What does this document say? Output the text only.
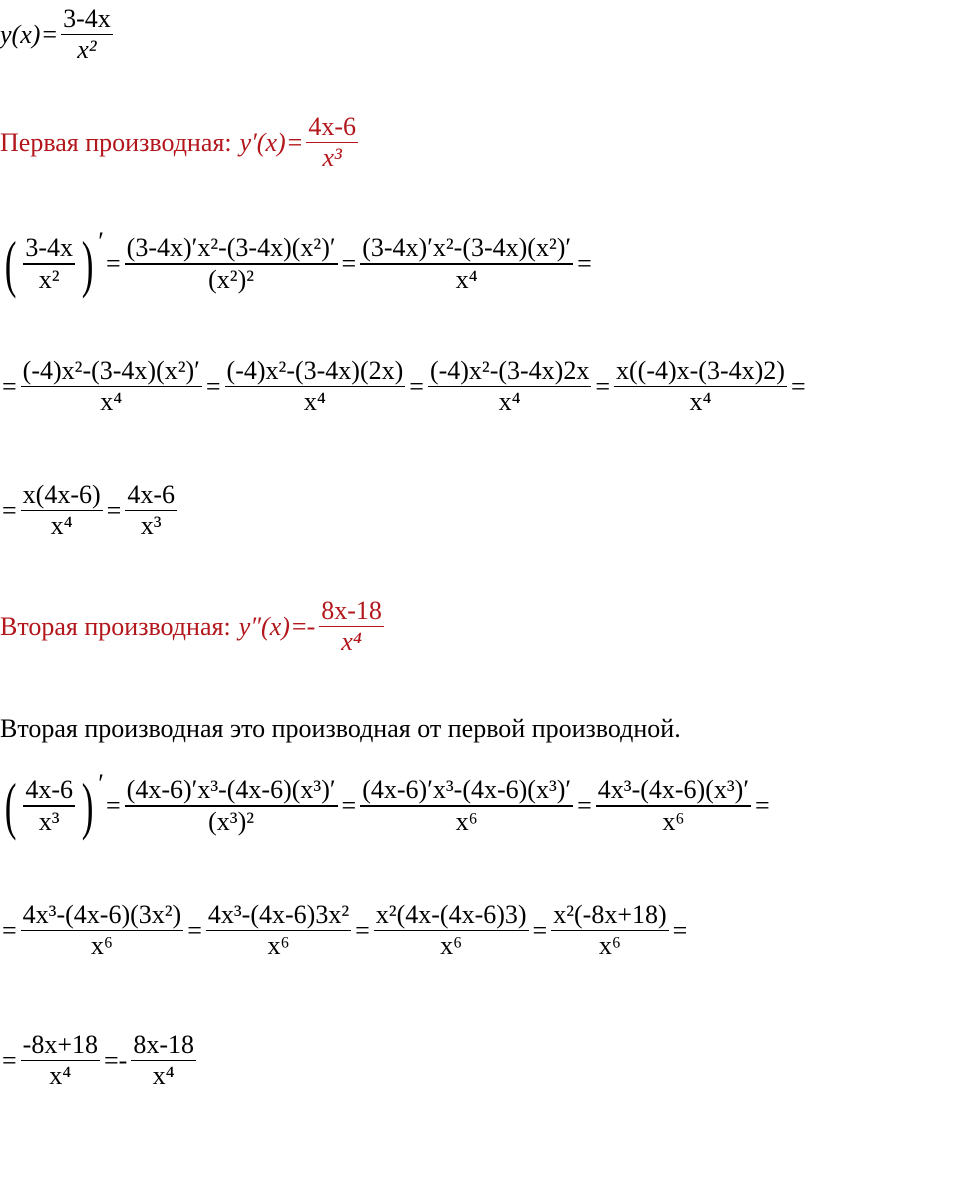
$y(x) = \frac{3-4x}{\text{x²}}$
Первая производная: $y'(x) = \frac{4x-6}{\text{x³}}$
( $\frac{3-4x}{\text{x²}}$ ) ′
= $\frac{\text{(3-4x)′x²-(3-4x)(x²)′}}{\text{(x²)²}} = \frac{\text{(3-4x)′x²-(3-4x)(x²)′}}{\text{x⁴}}$ =
= $\frac{\text{(-4)x²-(3-4x)(x²)′}}{\text{x⁴}} = \frac{\text{(-4)x²-(3-4x)(2x)}}{\text{x⁴}} = \frac{\text{(-4)x²-(3-4x)2x}}{\text{x⁴}} = \frac{x((-4)x-(3-4x)2)}{\text{x⁴}}$ =
= $\frac{x(4x-6)}{\text{x⁴}} = \frac{4x-6}{\text{x³}}$
Вторая производная: $y''(x) =- \frac{8x-18}{\text{x⁴}}$
Вторая производная это производная от первой производной.
( $\frac{4x-6}{\text{x³}}$ ) ′
= $\frac{\text{(4x-6)′x³-(4x-6)(x³)′}}{\text{(x³)²}} = \frac{\text{(4x-6)′x³-(4x-6)(x³)′}}{\text{x⁶}} = \frac{\text{4x³-(4x-6)(x³)′}}{\text{x⁶}}$ =
= $\frac{\text{4x³-(4x-6)(3x²)}}{\text{x⁶}} = \frac{\text{4x³-(4x-6)3x²}}{\text{x⁶}} = \frac{\text{x²(4x-(4x-6)3)}}{\text{x⁶}} = \frac{\text{x²(-8x+18)}}{\text{x⁶}}$ =
= $\frac{-8x+18}{\text{x⁴}} =- \frac{8x-18}{\text{x⁴}}$
